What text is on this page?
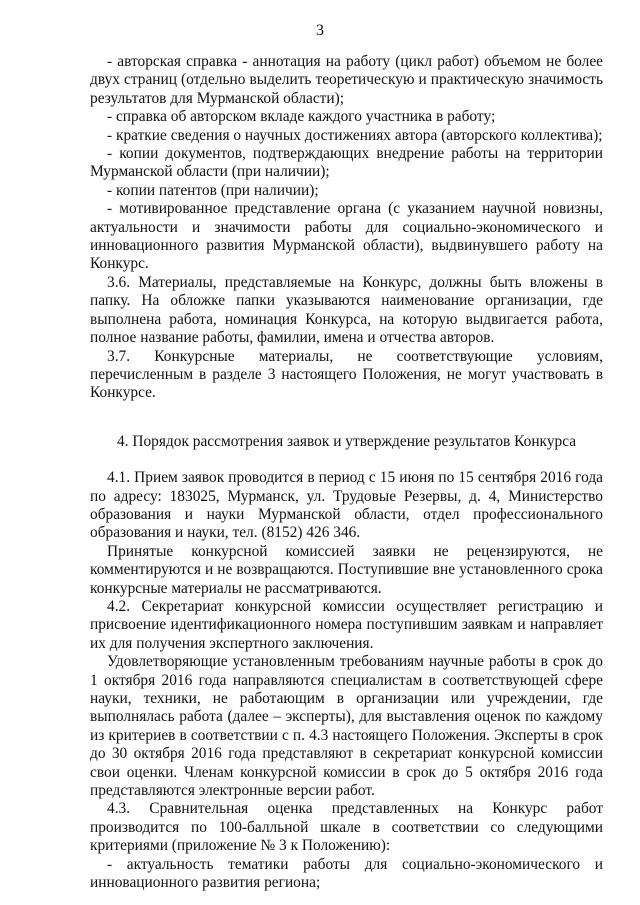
3

- авторская справка - аннотация на работу (цикл работ) объемом не более двух страниц (отдельно выделить теоретическую и практическую значимость результатов для Мурманской области);

- справка об авторском вкладе каждого участника в работу;

- краткие сведения о научных достижениях автора (авторского коллектива);

- копии документов, подтверждающих внедрение работы на территории Мурманской области (при наличии);

- копии патентов (при наличии);

- мотивированное представление органа (с указанием научной новизны, актуальности и значимости работы для социально-экономического и инновационного развития Мурманской области), выдвинувшего работу на Конкурс.

3.6. Материалы, представляемые на Конкурс, должны быть вложены в папку. На обложке папки указываются наименование организации, где выполнена работа, номинация Конкурса, на которую выдвигается работа, полное название работы, фамилии, имена и отчества авторов.

3.7. Конкурсные материалы, не соответствующие условиям, перечисленным в разделе 3 настоящего Положения, не могут участвовать в Конкурсе.

4. Порядок рассмотрения заявок и утверждение результатов Конкурса

4.1. Прием заявок проводится в период с 15 июня по 15 сентября 2016 года по адресу: 183025, Мурманск, ул. Трудовые Резервы, д. 4, Министерство образования и науки Мурманской области, отдел профессионального образования и науки, тел. (8152) 426 346.

Принятые конкурсной комиссией заявки не рецензируются, не комментируются и не возвращаются. Поступившие вне установленного срока конкурсные материалы не рассматриваются.

4.2. Секретариат конкурсной комиссии осуществляет регистрацию и присвоение идентификационного номера поступившим заявкам и направляет их для получения экспертного заключения.

Удовлетворяющие установленным требованиям научные работы в срок до 1 октября 2016 года направляются специалистам в соответствующей сфере науки, техники, не работающим в организации или учреждении, где выполнялась работа (далее – эксперты), для выставления оценок по каждому из критериев в соответствии с п. 4.3 настоящего Положения. Эксперты в срок до 30 октября 2016 года представляют в секретариат конкурсной комиссии свои оценки. Членам конкурсной комиссии в срок до 5 октября 2016 года представляются электронные версии работ.

4.3. Сравнительная оценка представленных на Конкурс работ производится по 100-балльной шкале в соответствии со следующими критериями (приложение № 3 к Положению):

- актуальность тематики работы для социально-экономического и инновационного развития региона;
